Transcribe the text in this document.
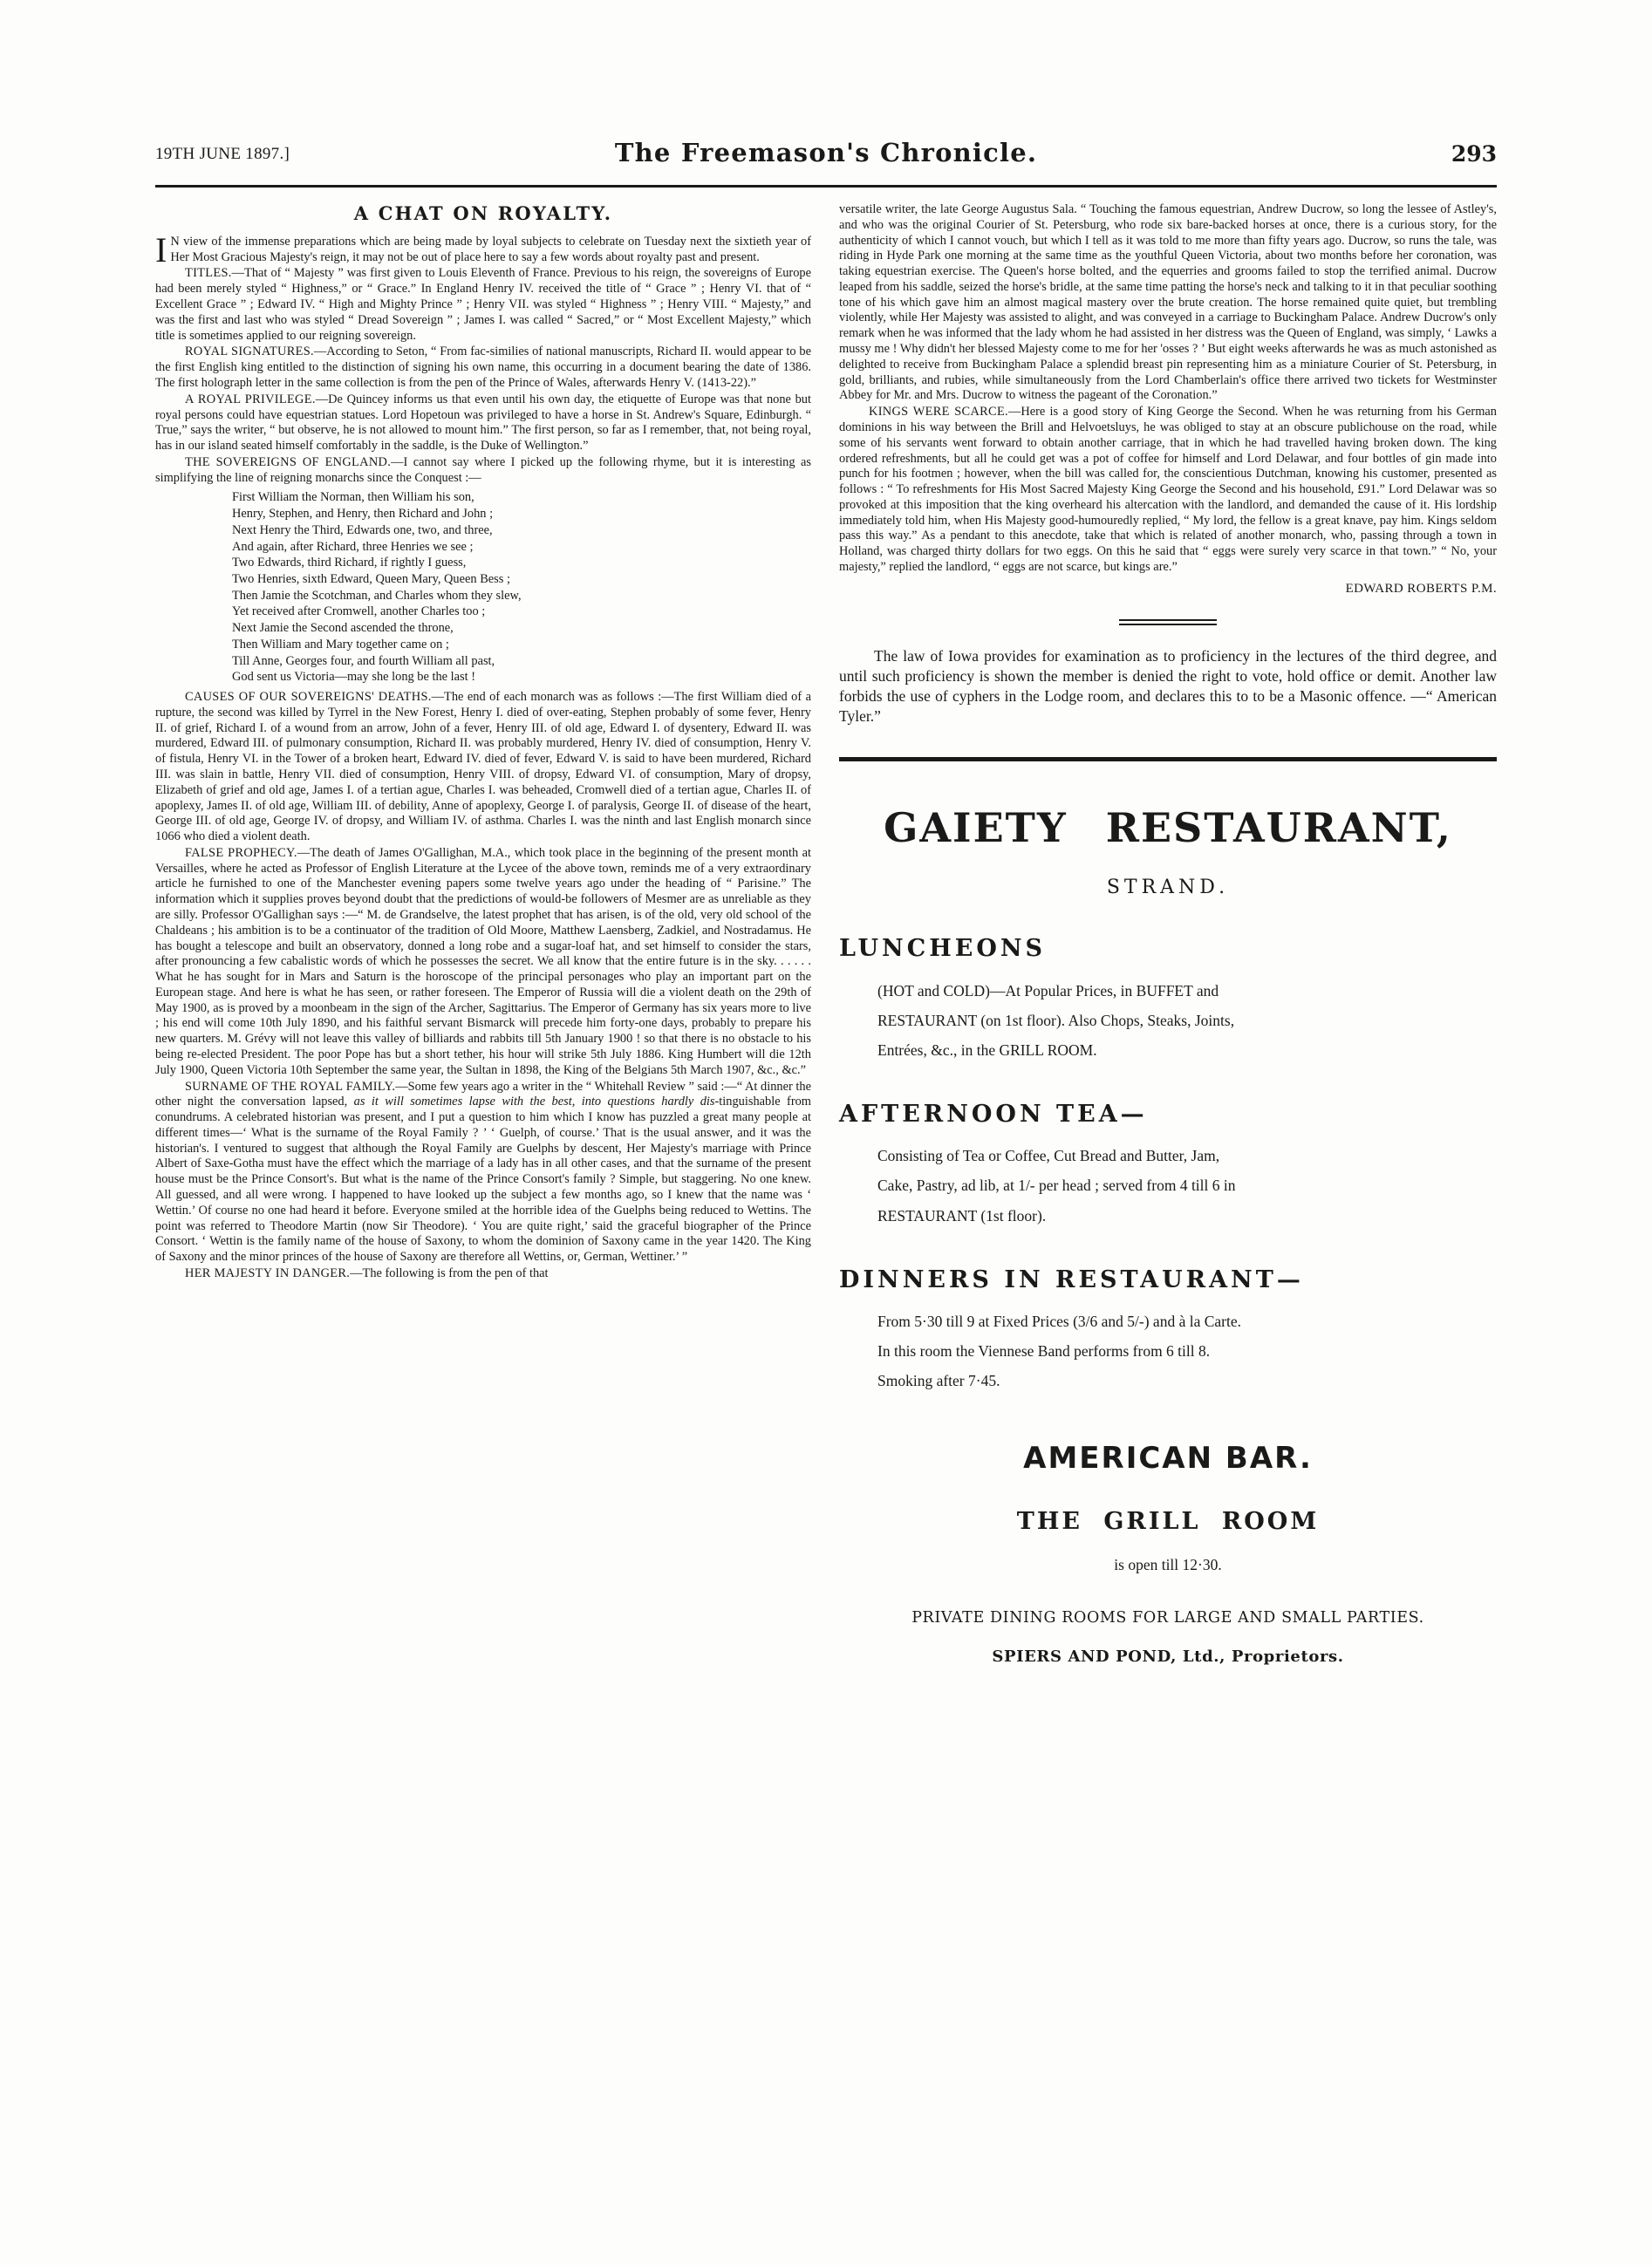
19TH JUNE 1897.]	The Freemason's Chronicle.	293
A CHAT ON ROYALTY.

I N view of the immense preparations which are being made by loyal subjects to celebrate on Tuesday next the sixtieth year of Her Most Gracious Majesty's reign, it may not be out of place here to say a few words about royalty past and present.

TITLES.—That of “ Majesty ” was first given to Louis Eleventh of France. Previous to his reign, the sovereigns of Europe had been merely styled “ Highness,” or “ Grace.” In England Henry IV. received the title of “ Grace ” ; Henry VI. that of “ Excellent Grace ” ; Edward IV. “ High and Mighty Prince ” ; Henry VII. was styled “ Highness ” ; Henry VIII. “ Majesty,” and was the first and last who was styled “ Dread Sovereign ” ; James I. was called “ Sacred,” or “ Most Excellent Majesty,” which title is sometimes applied to our reigning sovereign.

ROYAL SIGNATURES.—According to Seton, “ From fac-similies of national manuscripts, Richard II. would appear to be the first English king entitled to the distinction of signing his own name, this occurring in a document bearing the date of 1386. The first holograph letter in the same collection is from the pen of the Prince of Wales, afterwards Henry V. (1413-22).”

A ROYAL PRIVILEGE.—De Quincey informs us that even until his own day, the etiquette of Europe was that none but royal persons could have equestrian statues. Lord Hopetoun was privileged to have a horse in St. Andrew's Square, Edinburgh. “ True,” says the writer, “ but observe, he is not allowed to mount him.” The first person, so far as I remember, that, not being royal, has in our island seated himself comfortably in the saddle, is the Duke of Wellington.”

THE SOVEREIGNS OF ENGLAND.—I cannot say where I picked up the following rhyme, but it is interesting as simplifying the line of reigning monarchs since the Conquest :—

First William the Norman, then William his son,
Henry, Stephen, and Henry, then Richard and John ;
Next Henry the Third, Edwards one, two, and three,
And again, after Richard, three Henries we see ;
Two Edwards, third Richard, if rightly I guess,
Two Henries, sixth Edward, Queen Mary, Queen Bess ;
Then Jamie the Scotchman, and Charles whom they slew,
Yet received after Cromwell, another Charles too ;
Next Jamie the Second ascended the throne,
Then William and Mary together came on ;
Till Anne, Georges four, and fourth William all past,
God sent us Victoria—may she long be the last !

CAUSES OF OUR SOVEREIGNS' DEATHS.—The end of each monarch was as follows :—The first William died of a rupture, the second was killed by Tyrrel in the New Forest, Henry I. died of over-eating, Stephen probably of some fever, Henry II. of grief, Richard I. of a wound from an arrow, John of a fever, Henry III. of old age, Edward I. of dysentery, Edward II. was murdered, Edward III. of pulmonary consumption, Richard II. was probably murdered, Henry IV. died of consumption, Henry V. of fistula, Henry VI. in the Tower of a broken heart, Edward IV. died of fever, Edward V. is said to have been murdered, Richard III. was slain in battle, Henry VII. died of consumption, Henry VIII. of dropsy, Edward VI. of consumption, Mary of dropsy, Elizabeth of grief and old age, James I. of a tertian ague, Charles I. was beheaded, Cromwell died of a tertian ague, Charles II. of apoplexy, James II. of old age, William III. of debility, Anne of apoplexy, George I. of paralysis, George II. of disease of the heart, George III. of old age, George IV. of dropsy, and William IV. of asthma. Charles I. was the ninth and last English monarch since 1066 who died a violent death.

FALSE PROPHECY.—The death of James O'Gallighan, M.A., which took place in the beginning of the present month at Versailles, where he acted as Professor of English Literature at the Lycee of the above town, reminds me of a very extraordinary article he furnished to one of the Manchester evening papers some twelve years ago under the heading of “ Parisine.” The information which it supplies proves beyond doubt that the predictions of would-be followers of Mesmer are as unreliable as they are silly. Professor O'Gallighan says :—“ M. de Grandselve, the latest prophet that has arisen, is of the old, very old school of the Chaldeans ; his ambition is to be a continuator of the tradition of Old Moore, Matthew Laensberg, Zadkiel, and Nostradamus. He has bought a telescope and built an observatory, donned a long robe and a sugar-loaf hat, and set himself to consider the stars, after pronouncing a few cabalistic words of which he possesses the secret. We all know that the entire future is in the sky. . . . . . What he has sought for in Mars and Saturn is the horoscope of the principal personages who play an important part on the European stage. And here is what he has seen, or rather foreseen. The Emperor of Russia will die a violent death on the 29th of May 1900, as is proved by a moonbeam in the sign of the Archer, Sagittarius. The Emperor of Germany has six years more to live ; his end will come 10th July 1890, and his faithful servant Bismarck will precede him forty-one days, probably to prepare his new quarters. M. Grévy will not leave this valley of billiards and rabbits till 5th January 1900 ! so that there is no obstacle to his being re-elected President. The poor Pope has but a short tether, his hour will strike 5th July 1886. King Humbert will die 12th July 1900, Queen Victoria 10th September the same year, the Sultan in 1898, the King of the Belgians 5th March 1907, &c., &c.”

SURNAME OF THE ROYAL FAMILY.—Some few years ago a writer in the “ Whitehall Review ” said :—“ At dinner the other night the conversation lapsed, as it will sometimes lapse with the best, into questions hardly dis-tinguishable from conundrums. A celebrated historian was present, and I put a question to him which I know has puzzled a great many people at different times—‘ What is the surname of the Royal Family ? ’ ‘ Guelph, of course.’ That is the usual answer, and it was the historian's. I ventured to suggest that although the Royal Family are Guelphs by descent, Her Majesty's marriage with Prince Albert of Saxe-Gotha must have the effect which the marriage of a lady has in all other cases, and that the surname of the present house must be the Prince Consort's. But what is the name of the Prince Consort's family ? Simple, but staggering. No one knew. All guessed, and all were wrong. I happened to have looked up the subject a few months ago, so I knew that the name was ‘ Wettin.’ Of course no one had heard it before. Everyone smiled at the horrible idea of the Guelphs being reduced to Wettins. The point was referred to Theodore Martin (now Sir Theodore). ‘ You are quite right,’ said the graceful biographer of the Prince Consort. ‘ Wettin is the family name of the house of Saxony, to whom the dominion of Saxony came in the year 1420. The King of Saxony and the minor princes of the house of Saxony are therefore all Wettins, or, German, Wettiner.’ ”

HER MAJESTY IN DANGER.—The following is from the pen of that

versatile writer, the late George Augustus Sala. “ Touching the famous equestrian, Andrew Ducrow, so long the lessee of Astley's, and who was the original Courier of St. Petersburg, who rode six bare-backed horses at once, there is a curious story, for the authenticity of which I cannot vouch, but which I tell as it was told to me more than fifty years ago. Ducrow, so runs the tale, was riding in Hyde Park one morning at the same time as the youthful Queen Victoria, about two months before her coronation, was taking equestrian exercise. The Queen's horse bolted, and the equerries and grooms failed to stop the terrified animal. Ducrow leaped from his saddle, seized the horse's bridle, at the same time patting the horse's neck and talking to it in that peculiar soothing tone of his which gave him an almost magical mastery over the brute creation. The horse remained quite quiet, but trembling violently, while Her Majesty was assisted to alight, and was conveyed in a carriage to Buckingham Palace. Andrew Ducrow's only remark when he was informed that the lady whom he had assisted in her distress was the Queen of England, was simply, ‘ Lawks a mussy me ! Why didn't her blessed Majesty come to me for her 'osses ? ’ But eight weeks afterwards he was as much astonished as delighted to receive from Buckingham Palace a splendid breast pin representing him as a miniature Courier of St. Petersburg, in gold, brilliants, and rubies, while simultaneously from the Lord Chamberlain's office there arrived two tickets for Westminster Abbey for Mr. and Mrs. Ducrow to witness the pageant of the Coronation.”

KINGS WERE SCARCE.—Here is a good story of King George the Second. When he was returning from his German dominions in his way between the Brill and Helvoetsluys, he was obliged to stay at an obscure publichouse on the road, while some of his servants went forward to obtain another carriage, that in which he had travelled having broken down. The king ordered refreshments, but all he could get was a pot of coffee for himself and Lord Delawar, and four bottles of gin made into punch for his footmen ; however, when the bill was called for, the conscientious Dutchman, knowing his customer, presented as follows : “ To refreshments for His Most Sacred Majesty King George the Second and his household, £91.” Lord Delawar was so provoked at this imposition that the king overheard his altercation with the landlord, and demanded the cause of it. His lordship immediately told him, when His Majesty good-humouredly replied, “ My lord, the fellow is a great knave, pay him. Kings seldom pass this way.” As a pendant to this anecdote, take that which is related of another monarch, who, passing through a town in Holland, was charged thirty dollars for two eggs. On this he said that “ eggs were surely very scarce in that town.” “ No, your majesty,” replied the landlord, “ eggs are not scarce, but kings are.”

EDWARD ROBERTS P.M.

The law of Iowa provides for examination as to proficiency in the lectures of the third degree, and until such proficiency is shown the member is denied the right to vote, hold office or demit. Another law forbids the use of cyphers in the Lodge room, and declares this to to be a Masonic offence. —“ American Tyler.”

GAIETY RESTAURANT,
STRAND.
LUNCHEONS
(HOT and COLD)—At Popular Prices, in BUFFET and
RESTAURANT (on 1st floor). Also Chops, Steaks, Joints,
Entrées, &c., in the GRILL ROOM.
AFTERNOON TEA—
Consisting of Tea or Coffee, Cut Bread and Butter, Jam,
Cake, Pastry, ad lib, at 1/- per head ; served from 4 till 6 in
RESTAURANT (1st floor).
DINNERS IN RESTAURANT—
From 5·30 till 9 at Fixed Prices (3/6 and 5/-) and à la Carte.
In this room the Viennese Band performs from 6 till 8.
Smoking after 7·45.
AMERICAN BAR.
THE GRILL ROOM
is open till 12·30.
PRIVATE DINING ROOMS FOR LARGE AND SMALL PARTIES.
SPIERS AND POND, Ltd., Proprietors.
